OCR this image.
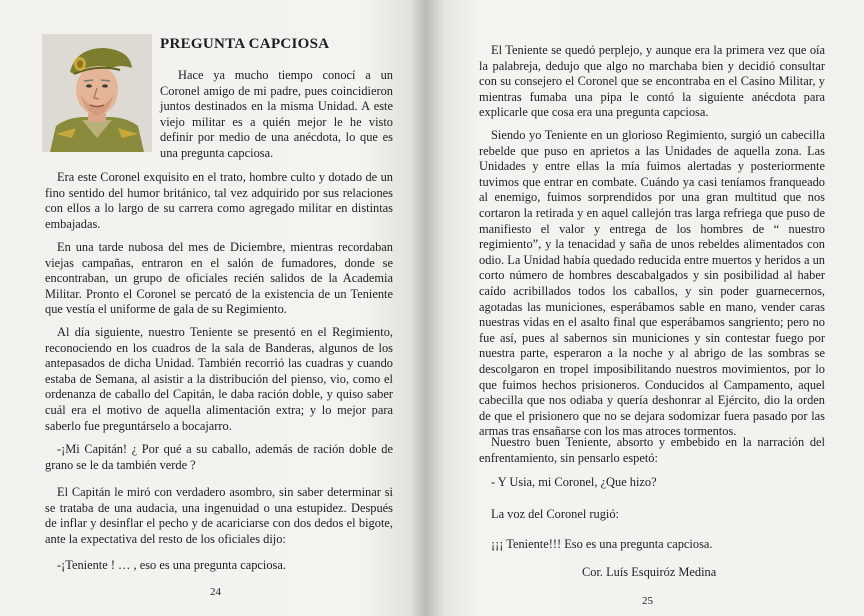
PREGUNTA CAPCIOSA

Hace ya mucho tiempo conocí a un Coronel amigo de mi padre, pues coincidieron juntos destinados en la misma Unidad. A este viejo militar es a quién mejor le he visto definir por medio de una anécdota, lo que es una pregunta capciosa.

Era este Coronel exquisito en el trato, hombre culto y dotado de un fino sentido del humor británico, tal vez adquirido por sus relaciones con ellos a lo largo de su carrera como agregado militar en distintas embajadas.

En una tarde nubosa del mes de Diciembre, mientras recordaban viejas campañas, entraron en el salón de fumadores, donde se encontraban, un grupo de oficiales recién salidos de la Academia Militar. Pronto el Coronel se percató de la existencia de un Teniente que vestía el uniforme de gala de su Regimiento.

Al día siguiente, nuestro Teniente se presentó en el Regimiento, reconociendo en los cuadros de la sala de Banderas, algunos de los antepasados de dicha Unidad. También recorrió las cuadras y cuando estaba de Semana, al asistir a la distribución del pienso, vio, como el ordenanza de caballo del Capitán, le daba ración doble, y quiso saber cuál era el motivo de aquella alimentación extra; y lo mejor para saberlo fue preguntárselo a bocajarro.

-¡Mi Capitán! ¿ Por qué a su caballo, además de ración doble de grano se le da también verde ?

El Capitán le miró con verdadero asombro, sin saber determinar si se trataba de una audacia, una ingenuidad o una estupidez. Después de inflar y desinflar el pecho y de acariciarse con dos dedos el bigote, ante la expectativa del resto de los oficiales dijo:

-¡Teniente ! … , eso es una pregunta capciosa.

24

El Teniente se quedó perplejo, y aunque era la primera vez que oía la palabreja, dedujo que algo no marchaba bien y decidió consultar con su consejero el Coronel que se encontraba en el Casino Militar, y mientras fumaba una pipa le contó la siguiente anécdota para explicarle que cosa era una pregunta capciosa.

Siendo yo Teniente en un glorioso Regimiento, surgió un cabecilla rebelde que puso en aprietos a las Unidades de aquella zona. Las Unidades y entre ellas la mía fuimos alertadas y posteriormente tuvimos que entrar en combate. Cuándo ya casi teníamos franqueado al enemigo, fuimos sorprendidos por una gran multitud que nos cortaron la retirada y en aquel callejón tras larga refriega que puso de manifiesto el valor y entrega de los hombres de “ nuestro regimiento”, y la tenacidad y saña de unos rebeldes alimentados con odio. La Unidad había quedado reducida entre muertos y heridos a un corto número de hombres descabalgados y sin posibilidad al haber caído acribillados todos los caballos, y sin poder guarnecernos, agotadas las municiones, esperábamos sable en mano, vender caras nuestras vidas en el asalto final que esperábamos sangriento; pero no fue así, pues al sabernos sin municiones y sin contestar fuego por nuestra parte, esperaron a la noche y al abrigo de las sombras se descolgaron en tropel imposibilitando nuestros movimientos, por lo que fuimos hechos prisioneros. Conducidos al Campamento, aquel cabecilla que nos odiaba y quería deshonrar al Ejército, dio la orden de que el prisionero que no se dejara sodomizar fuera pasado por las armas tras ensañarse con los mas atroces tormentos.

Nuestro buen Teniente, absorto y embebido en la narración del enfrentamiento, sin pensarlo espetó:

- Y Usia, mi Coronel, ¿Que hizo?

La voz del Coronel rugió:

¡¡¡ Teniente!!! Eso es una pregunta capciosa.

Cor. Luís Esquiróz Medina
25
